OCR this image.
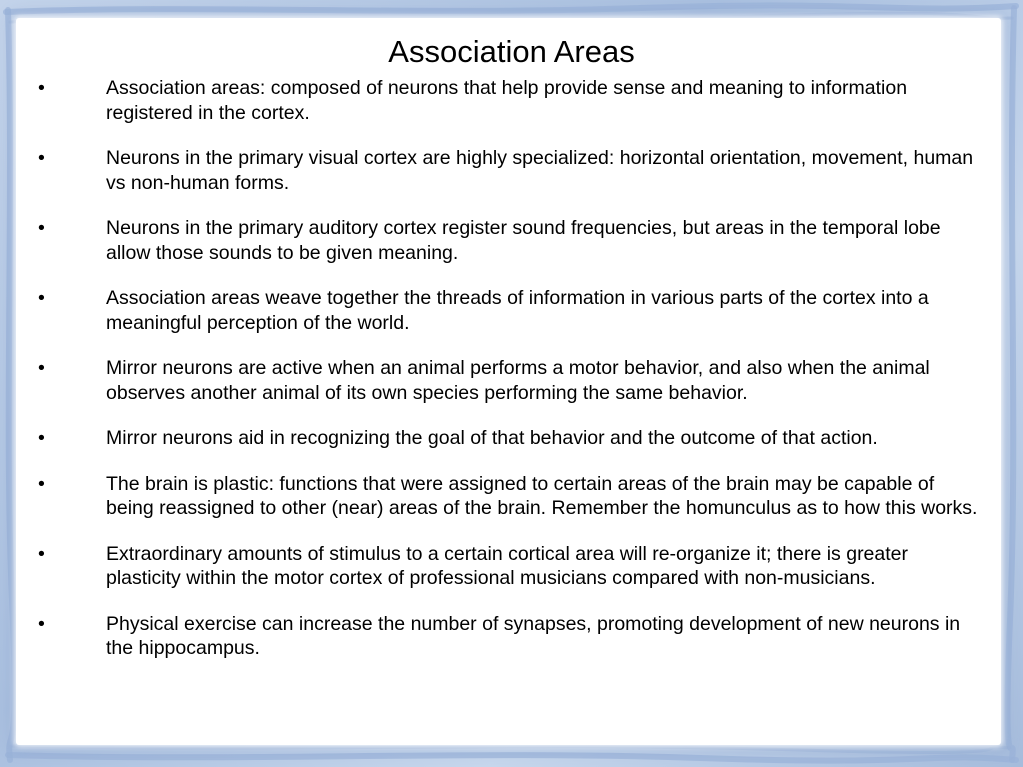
Association Areas
•	Association areas: composed of neurons that help provide sense and meaning to information registered in the cortex.
•	Neurons in the primary visual cortex are highly specialized: horizontal orientation, movement, human vs non-human forms.
•	Neurons in the primary auditory cortex register sound frequencies, but areas in the temporal lobe allow those sounds to be given meaning.
•	Association areas weave together the threads of information in various parts of the cortex into a meaningful perception of the world.
•	Mirror neurons are active when an animal performs a motor behavior, and also when the animal observes another animal of its own species performing the same behavior.
•	Mirror neurons aid in recognizing the goal of that behavior and the outcome of that action.
•	The brain is plastic: functions that were assigned to certain areas of the brain may be capable of being reassigned to other (near) areas of the brain. Remember the homunculus as to how this works.
•	Extraordinary amounts of stimulus to a certain cortical area will re-organize it; there is greater plasticity within the motor cortex of professional musicians compared with non-musicians.
•	Physical exercise can increase the number of synapses, promoting development of new neurons in the hippocampus.
